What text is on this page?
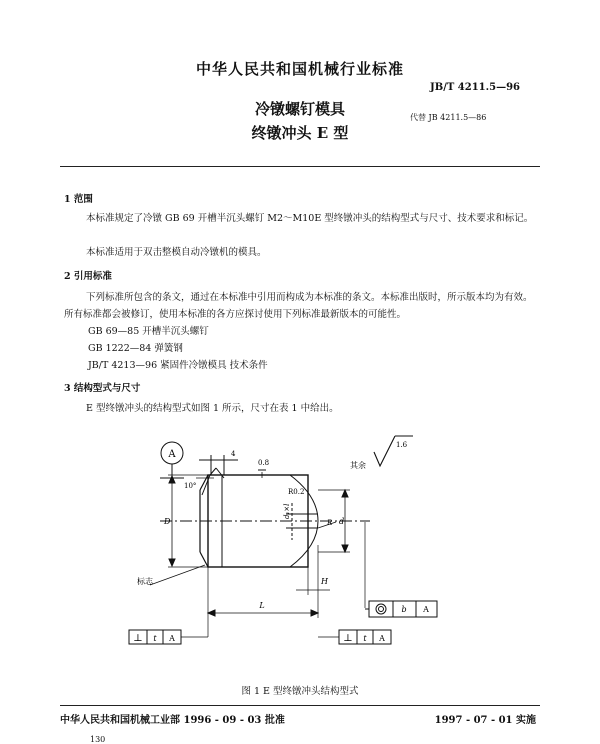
中华人民共和国机械行业标准
JB/T 4211.5—96
冷镦螺钉模具
终镦冲头 E 型
代替 JB 4211.5—86
1 范围
本标准规定了冷镦 GB 69 开槽半沉头螺钉 M2～M10E 型终镦冲头的结构型式与尺寸、技术要求和标记。
本标准适用于双击整模自动冷镦机的模具。
2 引用标准
下列标准所包含的条文，通过在本标准中引用而构成为本标准的条文。本标准出版时，所示版本均为有效。所有标准都会被修订，使用本标准的各方应探讨使用下列标准最新版本的可能性。
GB 69—85 开槽半沉头螺钉
GB 1222—84 弹簧钢
JB/T 4213—96 紧固件冷镦模具 技术条件
3 结构型式与尺寸
E 型终镦冲头的结构型式如图 1 所示，尺寸在表 1 中给出。
A	4
0.8
10°
D
R0.2
d₁×l
R d
H
L
标志
1.6
其余
⊥ t A	⊥ t A
b A
图 1 E 型终镦冲头结构型式
中华人民共和国机械工业部 1996 - 09 - 03 批准	1997 - 07 - 01 实施
130
